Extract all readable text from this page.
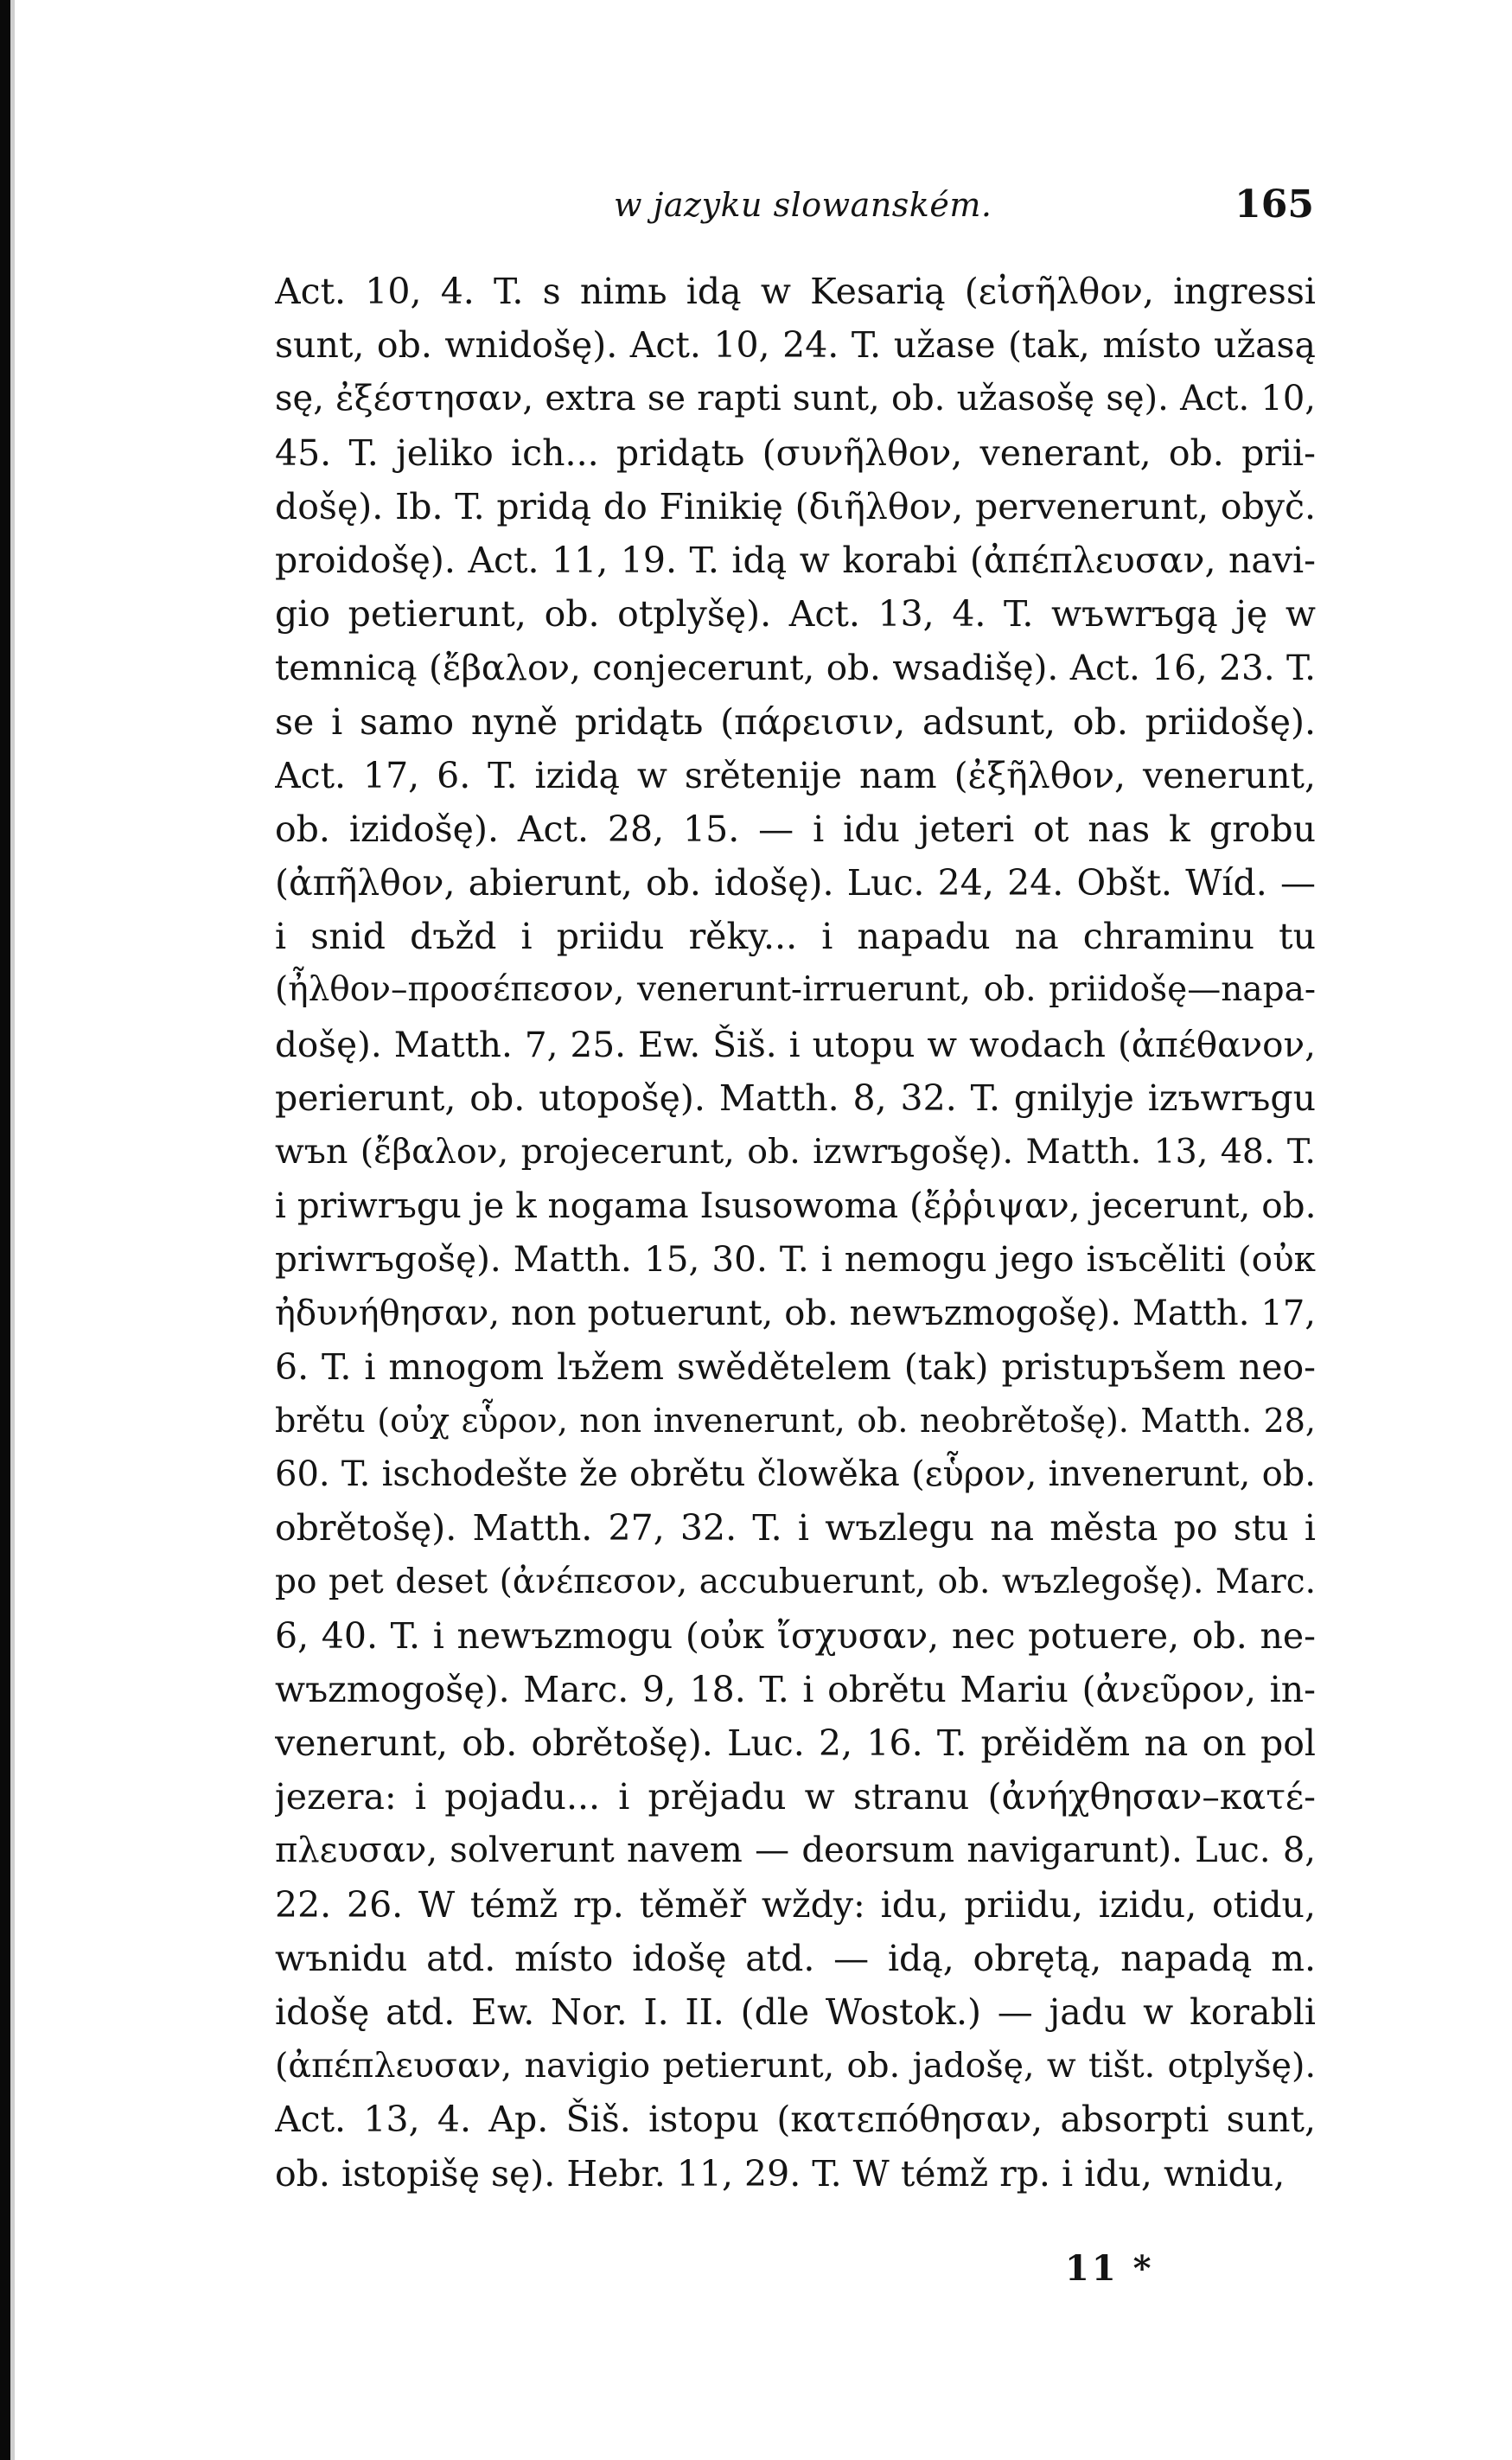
w jazyku slowanském.	165
Act. 10, 4. T. s nimь idą w Kesarią (εἰσῆλθον, ingressi
sunt, ob. wnidošę). Act. 10, 24. T. užase (tak, místo užasą
sę, ἐξέστησαν, extra se rapti sunt, ob. užasošę sę). Act. 10,
45. T. jeliko ich... pridątь (συνῆλθον, venerant, ob. prii-
došę). Ib. T. pridą do Finikię (διῆλθον, pervenerunt, obyč.
proidošę). Act. 11, 19. T. idą w korabi (ἀπέπλευσαν, navi-
gio petierunt, ob. otplyšę). Act. 13, 4. T. wъwrъgą ję w
temnicą (ἔβαλον, conjecerunt, ob. wsadišę). Act. 16, 23. T.
se i samo nyně pridątь (πάρεισιν, adsunt, ob. priidošę).
Act. 17, 6. T. izidą w srětenije nam (ἐξῆλθον, venerunt,
ob. izidošę). Act. 28, 15. — i idu jeteri ot nas k grobu
(ἀπῆλθον, abierunt, ob. idošę). Luc. 24, 24. Obšt. Wíd. —
i snid dъžd i priidu rěky... i napadu na chraminu tu
(ἦλθον–προσέπεσον, venerunt-irruerunt, ob. priidošę—napa-
došę). Matth. 7, 25. Ew. Šiš. i utopu w wodach (ἀπέθανον,
perierunt, ob. utopošę). Matth. 8, 32. T. gnilyje izъwrъgu
wъn (ἔβαλον, projecerunt, ob. izwrъgošę). Matth. 13, 48. T.
i priwrъgu je k nogama Isusowoma (ἔῤῥιψαν, jecerunt, ob.
priwrъgošę). Matth. 15, 30. T. i nemogu jego isъcěliti (οὐκ
ἠδυνήθησαν, non potuerunt, ob. newъzmogošę). Matth. 17,
6. T. i mnogom lъžem swědětelem (tak) pristupъšem neo-
brětu (οὐχ εὗρον, non invenerunt, ob. neobrětošę). Matth. 28,
60. T. ischodešte že obrětu člowěka (εὗρον, invenerunt, ob.
obrětošę). Matth. 27, 32. T. i wъzlegu na města po stu i
po pet deset (ἀνέπεσον, accubuerunt, ob. wъzlegošę). Marc.
6, 40. T. i newъzmogu (οὐκ ἴσχυσαν, nec potuere, ob. ne-
wъzmogošę). Marc. 9, 18. T. i obrětu Mariu (ἀνεῦρον, in-
venerunt, ob. obrětošę). Luc. 2, 16. T. prěiděm na on pol
jezera: i pojadu... i prějadu w stranu (ἀνήχθησαν–κατέ-
πλευσαν, solverunt navem — deorsum navigarunt). Luc. 8,
22. 26. W témž rp. těměř wždy: idu, priidu, izidu, otidu,
wъnidu atd. místo idošę atd. — idą, obrętą, napadą m.
idošę atd. Ew. Nor. I. II. (dle Wostok.) — jadu w korabli
(ἀπέπλευσαν, navigio petierunt, ob. jadošę, w tišt. otplyšę).
Act. 13, 4. Ap. Šiš. istopu (κατεπόθησαν, absorpti sunt,
ob. istopišę sę). Hebr. 11, 29. T. W témž rp. i idu, wnidu,
11 *
